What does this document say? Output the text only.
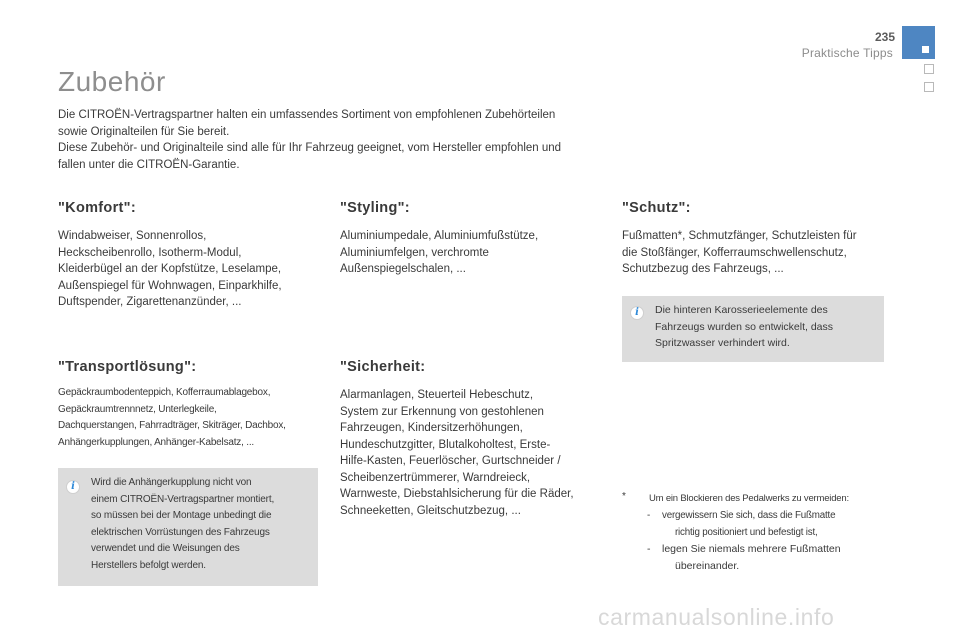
235
Praktische Tipps
Zubehör

Die CITROËN-Vertragspartner halten ein umfassendes Sortiment von empfohlenen Zubehörteilen

sowie Originalteilen für Sie bereit.

Diese Zubehör- und Originalteile sind alle für Ihr Fahrzeug geeignet, vom Hersteller empfohlen und

fallen unter die CITROËN-Garantie.

"Komfort":
Windabweiser, Sonnenrollos,
Heckscheibenrollo, Isotherm-Modul,
Kleiderbügel an der Kopfstütze, Leselampe,
Außenspiegel für Wohnwagen, Einparkhilfe,
Duftspender, Zigarettenanzünder, ...
"Styling":
Aluminiumpedale, Aluminiumfußstütze,
Aluminiumfelgen, verchromte
Außenspiegelschalen, ...
"Schutz":
Fußmatten*, Schmutzfänger, Schutzleisten für
die Stoßfänger, Kofferraumschwellenschutz,
Schutzbezug des Fahrzeugs, ...
i	Die hinteren Karosserieelemente des
Fahrzeugs wurden so entwickelt, dass
Spritzwasser verhindert wird.
"Transportlösung":
Gepäckraumbodenteppich, Kofferraumablagebox,
Gepäckraumtrennnetz, Unterlegkeile,
Dachquerstangen, Fahrradträger, Skiträger, Dachbox,
Anhängerkupplungen, Anhänger-Kabelsatz, ...
"Sicherheit:
Alarmanlagen, Steuerteil Hebeschutz,
System zur Erkennung von gestohlenen
Fahrzeugen, Kindersitzerhöhungen,
Hundeschutzgitter, Blutalkoholtest, Erste-
Hilfe-Kasten, Feuerlöscher, Gurtschneider /
Scheibenzertrümmerer, Warndreieck,
Warnweste, Diebstahlsicherung für die Räder,
Schneeketten, Gleitschutzbezug, ...
i	Wird die Anhängerkupplung nicht von
einem CITROËN-Vertragspartner montiert,
so müssen bei der Montage unbedingt die
elektrischen Vorrüstungen des Fahrzeugs
verwendet und die Weisungen des
Herstellers befolgt werden.
*	Um ein Blockieren des Pedalwerks zu vermeiden:
- vergewissern Sie sich, dass die Fußmatte
richtig positioniert und befestigt ist,
- legen Sie niemals mehrere Fußmatten
übereinander.
carmanualsonline.info
